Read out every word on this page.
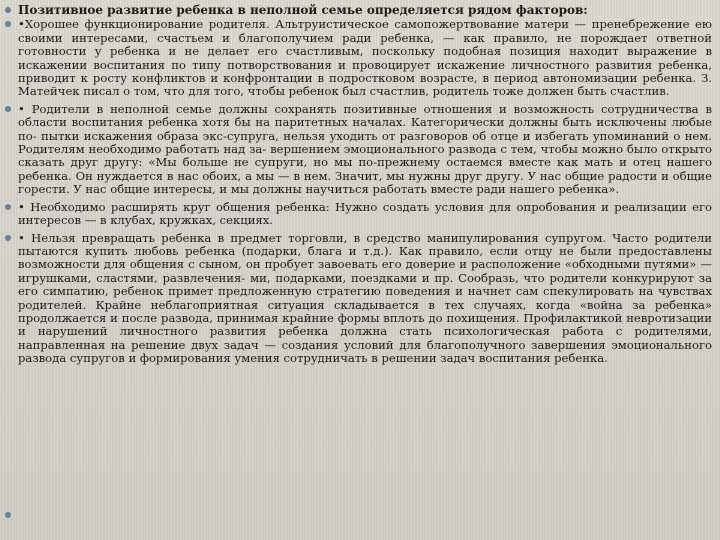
Позитивное развитие ребенка в неполной семье определяется рядом факторов:

•Хорошее функционирование родителя. Альтруистическое самопожертвование матери — пренебрежение ею своими интересами, счастьем и благополучием ради ребенка, — как правило, не порождает ответной готовности у ребенка и не делает его счастливым, поскольку подобная позиция находит выражение в искажении воспитания по типу потворствования и провоцирует искажение личностного развития ребенка, приводит к росту конфликтов и конфронтации в подростковом возрасте, в период автономизации ребенка. З. Матейчек писал о том, что для того, чтобы ребенок был счастлив, родитель тоже должен быть счастлив.

• Родители в неполной семье должны сохранять позитивные отношения и возможность сотрудничества в области воспитания ребенка хотя бы на паритетных началах. Категорически должны быть исключены любые по- пытки искажения образа экс-супруга, нельзя уходить от разговоров об отце и избегать упоминаний о нем. Родителям необходимо работать над за- вершением эмоционального развода с тем, чтобы можно было открыто сказать друг другу: «Мы больше не супруги, но мы по-прежнему остаемся вместе как мать и отец нашего ребенка. Он нуждается в нас обоих, а мы — в нем. Значит, мы нужны друг другу. У нас общие радости и общие горести. У нас общие интересы, и мы должны научиться работать вместе ради нашего ребенка».

• Необходимо расширять круг общения ребенка: Нужно создать условия для опробования и реализации его интересов — в клубах, кружках, секциях.

• Нельзя превращать ребенка в предмет торговли, в средство манипулирования супругом. Часто родители пытаются купить любовь ребенка (подарки, блага и т.д.). Как правило, если отцу не были предоставлены возможности для общения с сыном, он пробует завоевать его доверие и расположение «обходными путями» — игрушками, сластями, развлечения- ми, подарками, поездками и пр. Сообразь, что родители конкурируют за его симпатию, ребенок примет предложенную стратегию поведения и начнет сам спекулировать на чувствах родителей. Крайне неблагоприятная ситуация складывается в тех случаях, когда «война за ребенка» продолжается и после развода, принимая крайние формы вплоть до похищения. Профилактикой невротизации и нарушений личностного развития ребенка должна стать психологическая работа с родителями, направленная на решение двух задач — создания условий для благополучного завершения эмоционального развода супругов и формирования умения сотрудничать в решении задач воспитания ребенка.
